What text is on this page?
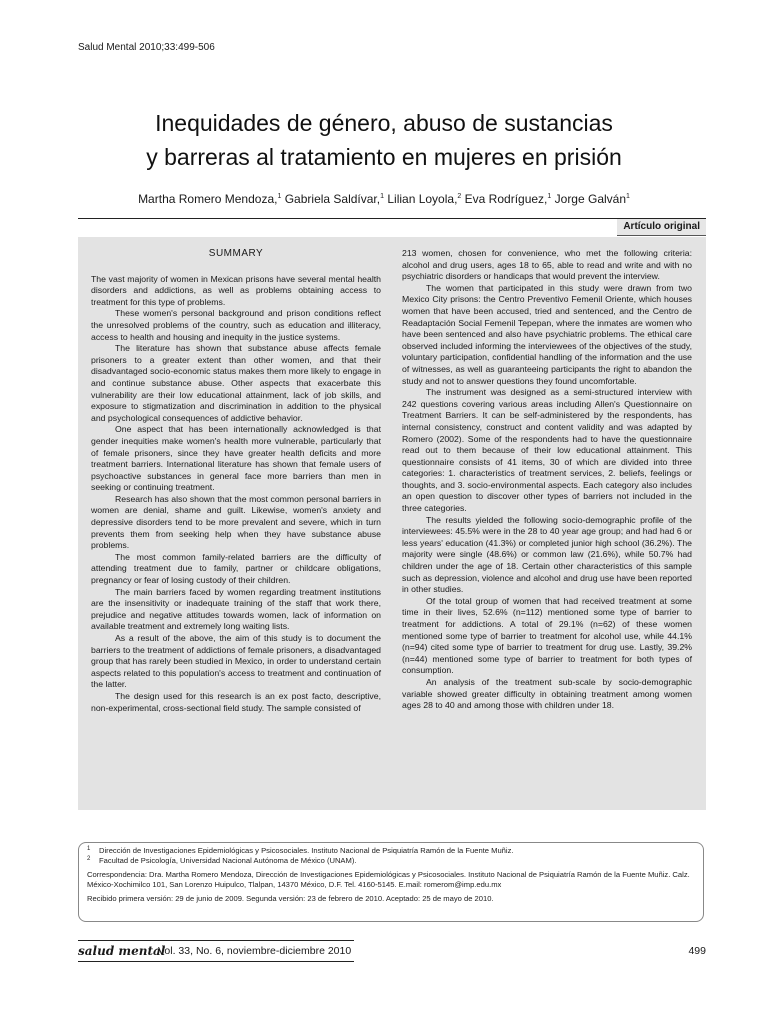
Salud Mental 2010;33:499-506
Inequidades de género, abuso de sustancias
y barreras al tratamiento en mujeres en prisión
Martha Romero Mendoza,$^1$ Gabriela Saldívar,$^1$ Lilian Loyola,$^2$ Eva Rodríguez,$^1$ Jorge Galván$^1$
Artículo original
SUMMARY

The vast majority of women in Mexican prisons have several mental health disorders and addictions, as well as problems obtaining access to treatment for this type of problems.

These women's personal background and prison conditions reflect the unresolved problems of the country, such as education and illiteracy, access to health and housing and inequity in the justice systems.

The literature has shown that substance abuse affects female prisoners to a greater extent than other women, and that their disadvantaged socio-economic status makes them more likely to engage in and continue substance abuse. Other aspects that exacerbate this vulnerability are their low educational attainment, lack of job skills, and exposure to stigmatization and discrimination in addition to the physical and psychological consequences of addictive behavior.

One aspect that has been internationally acknowledged is that gender inequities make women's health more vulnerable, particularly that of female prisoners, since they have greater health deficits and more treatment barriers. International literature has shown that female users of psychoactive substances in general face more barriers than men in seeking or continuing treatment.

Research has also shown that the most common personal barriers in women are denial, shame and guilt. Likewise, women's anxiety and depressive disorders tend to be more prevalent and severe, which in turn prevents them from seeking help when they have substance abuse problems.

The most common family-related barriers are the difficulty of attending treatment due to family, partner or childcare obligations, pregnancy or fear of losing custody of their children.

The main barriers faced by women regarding treatment institutions are the insensitivity or inadequate training of the staff that work there, prejudice and negative attitudes towards women, lack of information on available treatment and extremely long waiting lists.

As a result of the above, the aim of this study is to document the barriers to the treatment of addictions of female prisoners, a disadvantaged group that has rarely been studied in Mexico, in order to understand certain aspects related to this population's access to treatment and continuation of the latter.

The design used for this research is an ex post facto, descriptive, non-experimental, cross-sectional field study. The sample consisted of

213 women, chosen for convenience, who met the following criteria: alcohol and drug users, ages 18 to 65, able to read and write and with no psychiatric disorders or handicaps that would prevent the interview.

The women that participated in this study were drawn from two Mexico City prisons: the Centro Preventivo Femenil Oriente, which houses women that have been accused, tried and sentenced, and the Centro de Readaptación Social Femenil Tepepan, where the inmates are women who have been sentenced and also have psychiatric problems. The ethical care observed included informing the interviewees of the objectives of the study, voluntary participation, confidential handling of the information and the use of witnesses, as well as guaranteeing participants the right to abandon the study and not to answer questions they found uncomfortable.

The instrument was designed as a semi-structured interview with 242 questions covering various areas including Allen's Questionnaire on Treatment Barriers. It can be self-administered by the respondents, has internal consistency, construct and content validity and was adapted by Romero (2002). Some of the respondents had to have the questionnaire read out to them because of their low educational attainment. This questionnaire consists of 41 items, 30 of which are divided into three categories: 1. characteristics of treatment services, 2. beliefs, feelings or thoughts, and 3. socio-environmental aspects. Each category also includes an open question to discover other types of barriers not included in the three categories.

The results yielded the following socio-demographic profile of the interviewees: 45.5% were in the 28 to 40 year age group; and had had 6 or less years' education (41.3%) or completed junior high school (36.2%). The majority were single (48.6%) or common law (21.6%), while 50.7% had children under the age of 18. Certain other characteristics of this sample such as depression, violence and alcohol and drug use have been reported in other studies.

Of the total group of women that had received treatment at some time in their lives, 52.6% (n=112) mentioned some type of barrier to treatment for addictions. A total of 29.1% (n=62) of these women mentioned some type of barrier to treatment for alcohol use, while 44.1% (n=94) cited some type of barrier to treatment for drug use. Lastly, 39.2% (n=44) mentioned some type of barrier to treatment for both types of consumption.

An analysis of the treatment sub-scale by socio-demographic variable showed greater difficulty in obtaining treatment among women ages 28 to 40 and among those with children under 18.

1 Dirección de Investigaciones Epidemiológicas y Psicosociales. Instituto Nacional de Psiquiatría Ramón de la Fuente Muñiz.
2 Facultad de Psicología, Universidad Nacional Autónoma de México (UNAM).
Correspondencia: Dra. Martha Romero Mendoza, Dirección de Investigaciones Epidemiológicas y Psicosociales. Instituto Nacional de Psiquiatría Ramón de la Fuente Muñiz. Calz. México-Xochimilco 101, San Lorenzo Huipulco, Tlalpan, 14370 México, D.F. Tel. 4160-5145. E.mail: romerom@imp.edu.mx
Recibido primera versión: 29 de junio de 2009. Segunda versión: 23 de febrero de 2010. Aceptado: 25 de mayo de 2010.
salud mental
Vol. 33, No. 6, noviembre-diciembre 2010	499
